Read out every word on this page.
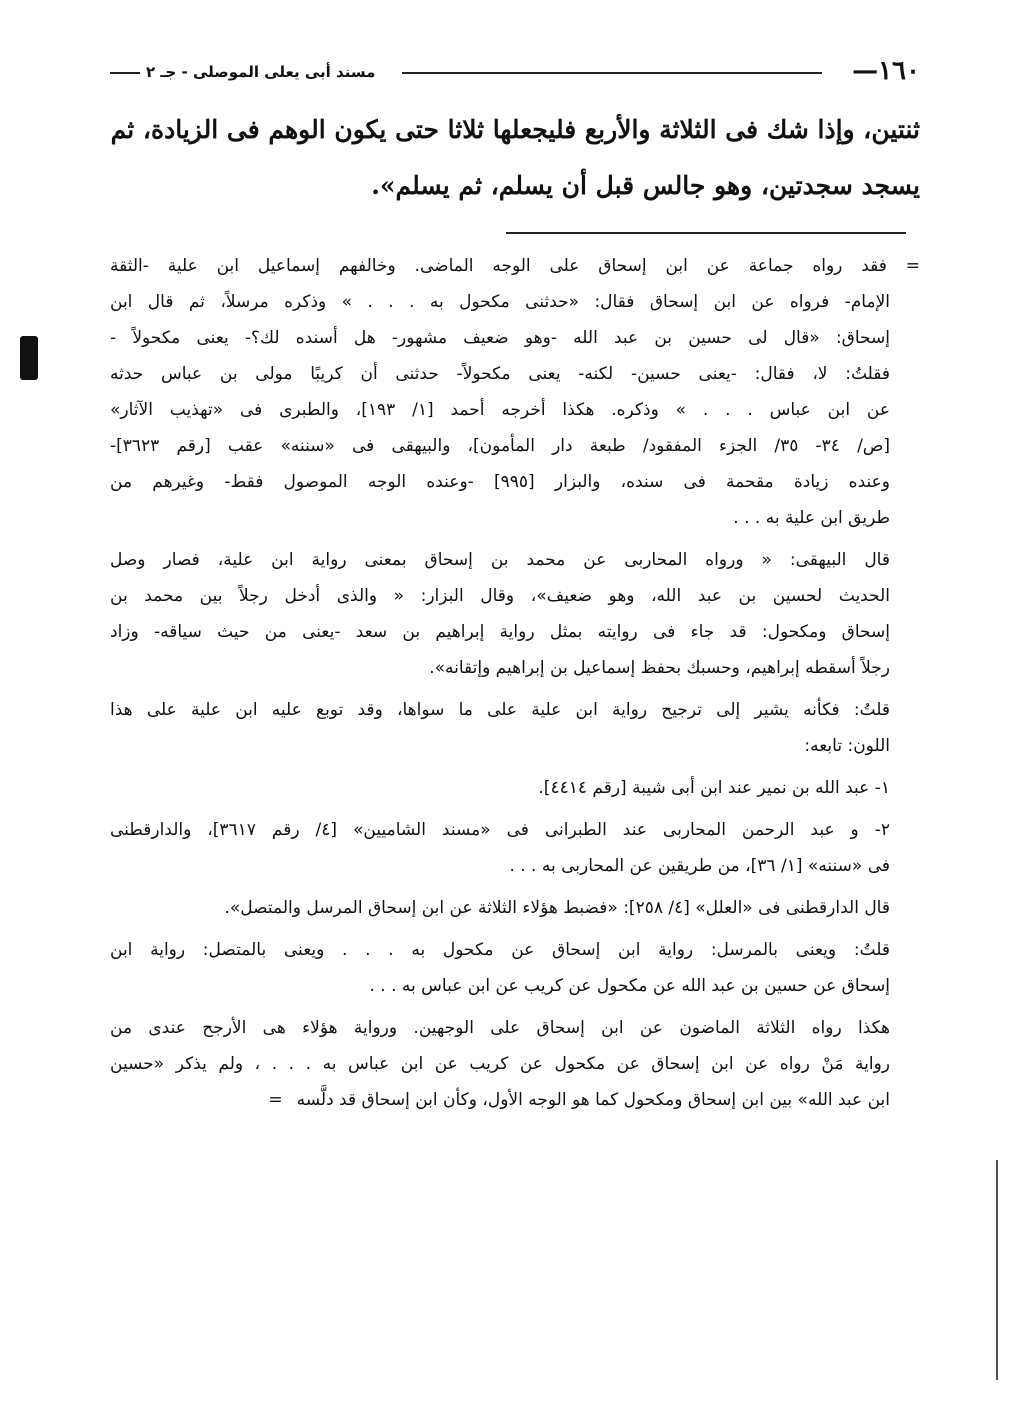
١٦٠—
مسند أبى يعلى الموصلى - جـ ٢
ثنتين، وإذا شك فى الثلاثة والأربع فليجعلها ثلاثا حتى يكون الوهم فى الزيادة، ثم
يسجد سجدتين، وهو جالس قبل أن يسلم، ثم يسلم».
= فقد رواه جماعة عن ابن إسحاق على الوجه الماضى. وخالفهم إسماعيل ابن علية -الثقة
الإمام- فرواه عن ابن إسحاق فقال: «حدثنى مكحول به . . . » وذكره مرسلاً، ثم قال ابن
إسحاق: «قال لى حسين بن عبد الله -وهو ضعيف مشهور- هل أسنده لك؟- يعنى مكحولاً -
فقلتُ: لا، فقال: -يعنى حسين- لكنه- يعنى مكحولاً- حدثنى أن كريبًا مولى بن عباس حدثه
عن ابن عباس . . . » وذكره. هكذا أخرجه أحمد [١/ ١٩٣]، والطبرى فى «تهذيب الآثار»
[ص/ ٣٤- ٣٥/ الجزء المفقود/ طبعة دار المأمون]، والبيهقى فى «سننه» عقب [رقم ٣٦٢٣]-
وعنده زيادة مقحمة فى سنده، والبزار [٩٩٥] -وعنده الوجه الموصول فقط- وغيرهم من
طريق ابن علية به . . .
قال البيهقى: « ورواه المحاربى عن محمد بن إسحاق بمعنى رواية ابن علية، فصار وصل
الحديث لحسين بن عبد الله، وهو ضعيف»، وقال البزار: « والذى أدخل رجلاً بين محمد بن
إسحاق ومكحول: قد جاء فى روايته بمثل رواية إبراهيم بن سعد -يعنى من حيث سياقه- وزاد
رجلاً أسقطه إبراهيم، وحسبك بحفظ إسماعيل بن إبراهيم وإتقانه».
قلتُ: فكأنه يشير إلى ترجيح رواية ابن علية على ما سواها، وقد توبع عليه ابن علية على هذا
اللون: تابعه:
١- عبد الله بن نمير عند ابن أبى شيبة [رقم ٤٤١٤].
٢- و عبد الرحمن المحاربى عند الطبرانى فى «مسند الشاميين» [٤/ رقم ٣٦١٧]، والدارقطنى
فى «سننه» [١/ ٣٦]، من طريقين عن المحاربى به . . .
قال الدارقطنى فى «العلل» [٤/ ٢٥٨]: «فضبط هؤلاء الثلاثة عن ابن إسحاق المرسل والمتصل».
قلتُ: ويعنى بالمرسل: رواية ابن إسحاق عن مكحول به . . . ويعنى بالمتصل: رواية ابن
إسحاق عن حسين بن عبد الله عن مكحول عن كريب عن ابن عباس به . . .
هكذا رواه الثلاثة الماضون عن ابن إسحاق على الوجهين. ورواية هؤلاء هى الأرجح عندى من
رواية مَنْ رواه عن ابن إسحاق عن مكحول عن كريب عن ابن عباس به . . . ، ولم يذكر «حسين
ابن عبد الله» بين ابن إسحاق ومكحول كما هو الوجه الأول، وكأن ابن إسحاق قد دلَّسه=
